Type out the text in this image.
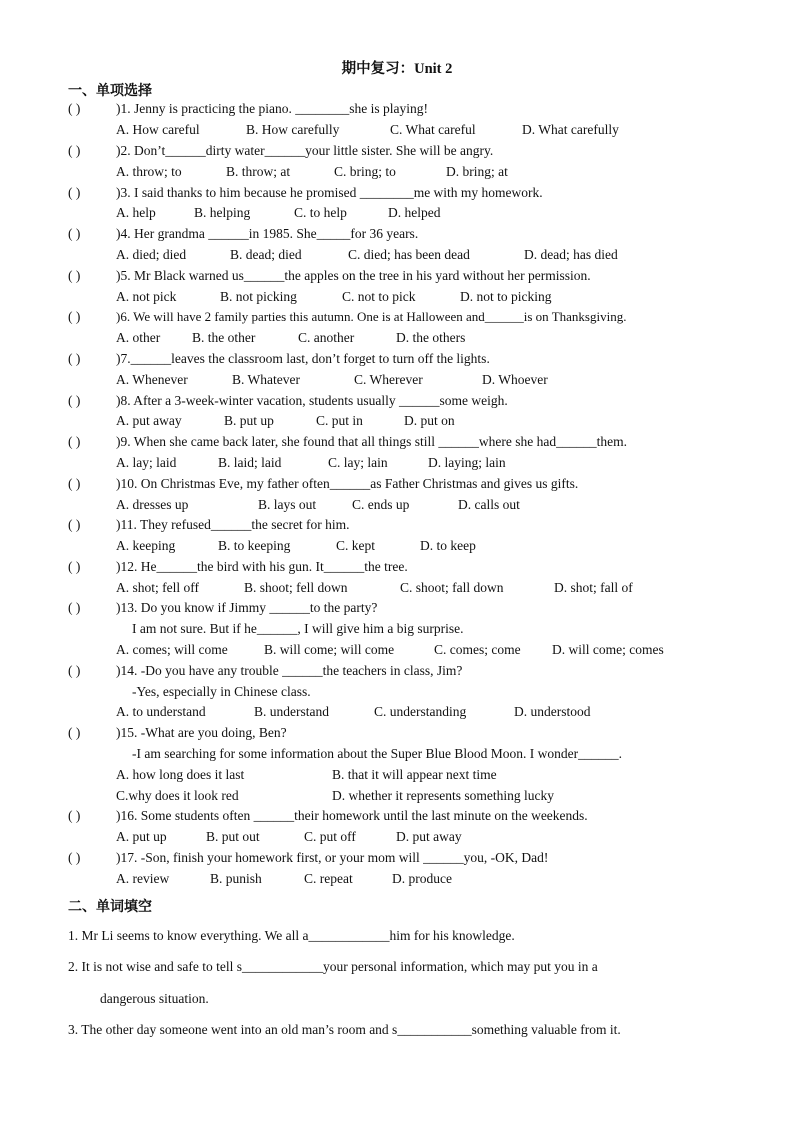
期中复习：Unit 2
一、单项选择
( )	)1. Jenny is practicing the piano. ________she is playing!
A. How careful	B. How carefully	C. What careful	D. What carefully
( )	)2. Don’t______dirty water______your little sister. She will be angry.
A. throw; to	B. throw; at	C. bring; to	D. bring; at
( )	)3. I said thanks to him because he promised ________me with my homework.
A. help	B. helping	C. to help	D. helped
( )	)4. Her grandma ______in 1985. She_____for 36 years.
A. died; died	B. dead; died	C. died; has been dead	D. dead; has died
( )	)5. Mr Black warned us______the apples on the tree in his yard without her permission.
A. not pick	B. not picking	C. not to pick	D. not to picking
( )	)6. We will have 2 family parties this autumn. One is at Halloween and______is on Thanksgiving.
A. other B. the other	C. another	D. the others
( )	)7.______leaves the classroom last, don’t forget to turn off the lights.
A. Whenever	B. Whatever	C. Wherever	D. Whoever
( )	)8. After a 3-week-winter vacation, students usually ______some weigh.
A. put away	B. put up	C. put in	D. put on
( )	)9. When she came back later, she found that all things still ______where she had______them.
A. lay; laid	B. laid; laid	C. lay; lain	D. laying; lain
( )	)10. On Christmas Eve, my father often______as Father Christmas and gives us gifts.
A. dresses up	B. lays out	C. ends up	D. calls out
( )	)11. They refused______the secret for him.
A. keeping	B. to keeping	C. kept	D. to keep
( )	)12. He______the bird with his gun. It______the tree.
A. shot; fell off	B. shoot; fell down	C. shoot; fall down	D. shot; fall of
( )	)13. Do you know if Jimmy ______to the party?
I am not sure. But if he______, I will give him a big surprise.
A. comes; will come	B. will come; will come	C. comes; come D. will come; comes
( )	)14. -Do you have any trouble ______the teachers in class, Jim?
-Yes, especially in Chinese class.
A. to understand	B. understand	C. understanding	D. understood
( )	)15. -What are you doing, Ben?
-I am searching for some information about the Super Blue Blood Moon. I wonder______.
A. how long does it last	B. that it will appear next time
C.why does it look red	D. whether it represents something lucky
( )	)16. Some students often ______their homework until the last minute on the weekends.
A. put up	B. put out	C. put off	D. put away
( )	)17. -Son, finish your homework first, or your mom will ______you, -OK, Dad!
A. review	B. punish	C. repeat	D. produce
二、单词填空
1. Mr Li seems to know everything. We all a____________him for his knowledge.
2. It is not wise and safe to tell s____________your personal information, which may put you in a
dangerous situation.
3. The other day someone went into an old man’s room and s___________something valuable from it.
